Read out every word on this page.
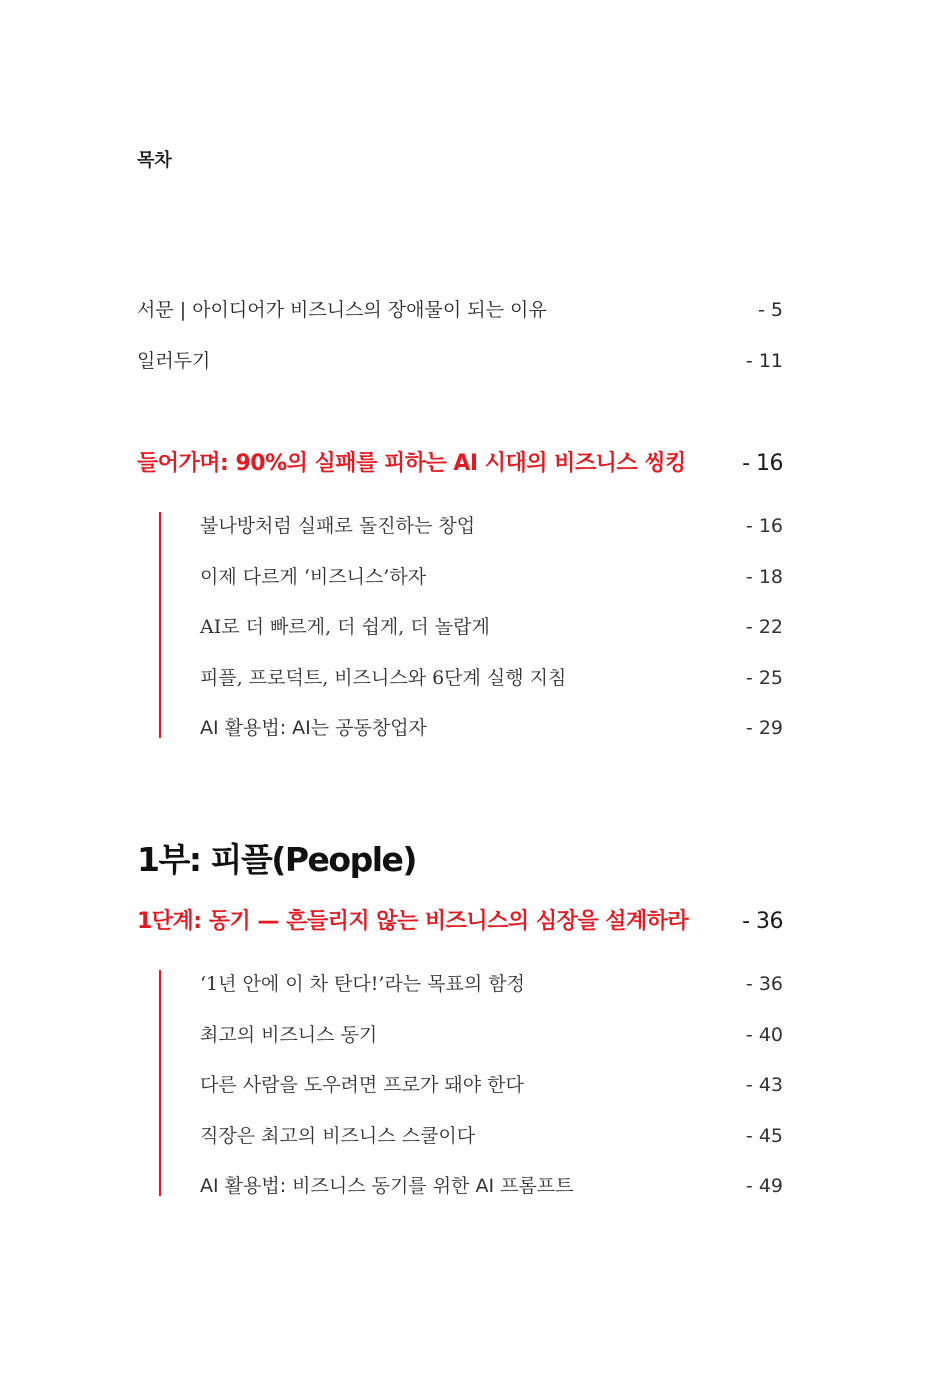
목차
서문 | 아이디어가 비즈니스의 장애물이 되는 이유	- 5
일러두기	- 11
들어가며: 90%의 실패를 피하는 AI 시대의 비즈니스 씽킹	- 16
불나방처럼 실패로 돌진하는 창업	- 16
이제 다르게 ‘비즈니스’하자	- 18
AI로 더 빠르게, 더 쉽게, 더 놀랍게	- 22
피플, 프로덕트, 비즈니스와 6단계 실행 지침	- 25
AI 활용법: AI는 공동창업자	- 29
1부: 피플(People)
1단계: 동기 — 흔들리지 않는 비즈니스의 심장을 설계하라 - 36
‘1년 안에 이 차 탄다!’라는 목표의 함정	- 36
최고의 비즈니스 동기	- 40
다른 사람을 도우려면 프로가 돼야 한다	- 43
직장은 최고의 비즈니스 스쿨이다	- 45
AI 활용법: 비즈니스 동기를 위한 AI 프롬프트	- 49
